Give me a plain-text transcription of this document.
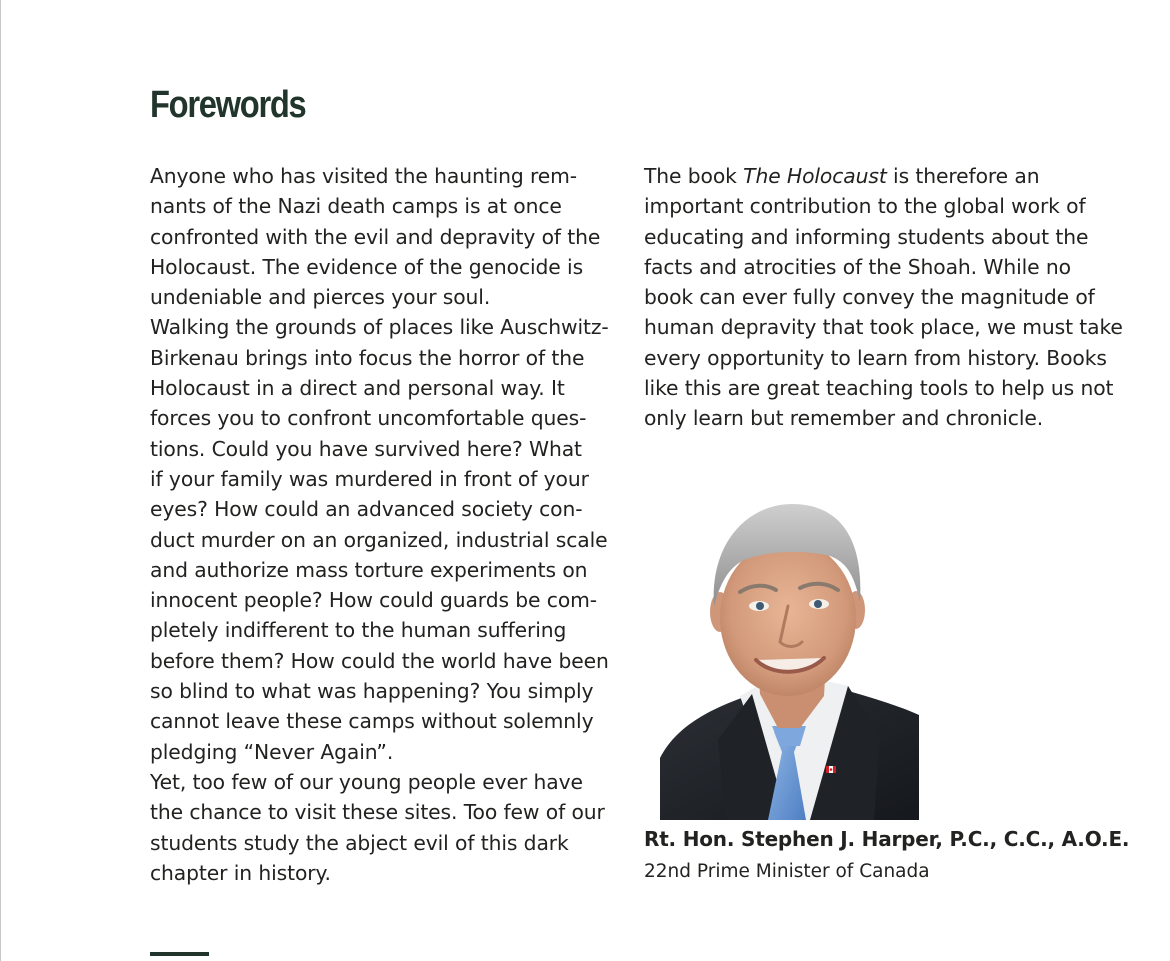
Forewords

Anyone who has visited the haunting rem-
nants of the Nazi death camps is at once
confronted with the evil and depravity of the
Holocaust. The evidence of the genocide is
undeniable and pierces your soul.

Walking the grounds of places like Auschwitz-
Birkenau brings into focus the horror of the
Holocaust in a direct and personal way. It
forces you to confront uncomfortable ques-
tions. Could you have survived here? What
if your family was murdered in front of your
eyes? How could an advanced society con-
duct murder on an organized, industrial scale
and authorize mass torture experiments on
innocent people? How could guards be com-
pletely indifferent to the human suffering
before them? How could the world have been
so blind to what was happening? You simply
cannot leave these camps without solemnly
pledging “Never Again”.

Yet, too few of our young people ever have
the chance to visit these sites. Too few of our
students study the abject evil of this dark
chapter in history.

The book The Holocaust is therefore an
important contribution to the global work of
educating and informing students about the
facts and atrocities of the Shoah. While no
book can ever fully convey the magnitude of
human depravity that took place, we must take
every opportunity to learn from history. Books
like this are great teaching tools to help us not
only learn but remember and chronicle.

Rt. Hon. Stephen J. Harper, P.C., C.C., A.O.E.

22nd Prime Minister of Canada
